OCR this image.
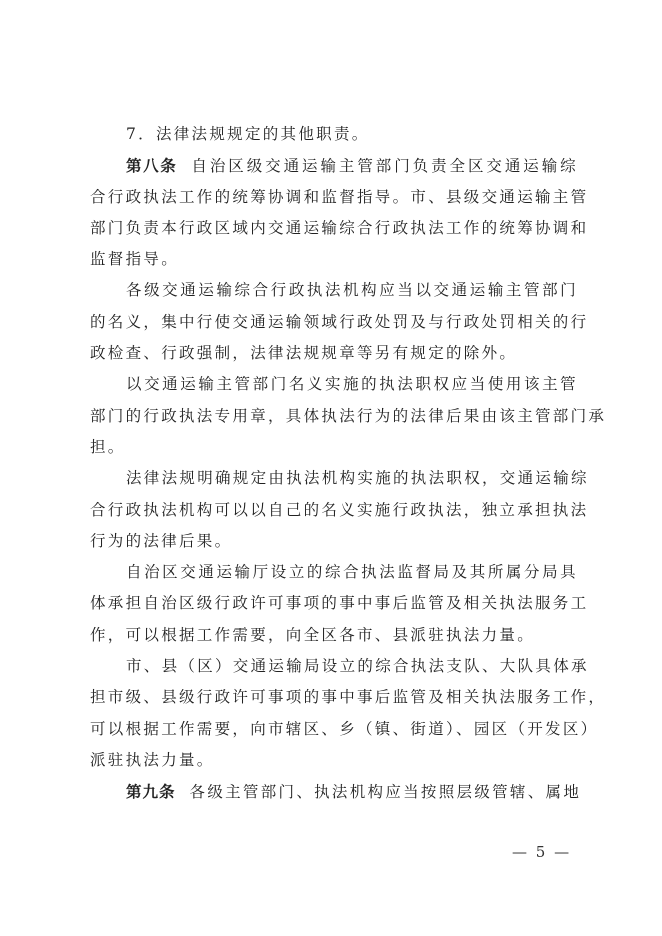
7．法律法规规定的其他职责。
第八条 自治区级交通运输主管部门负责全区交通运输综
合行政执法工作的统筹协调和监督指导。市、县级交通运输主管
部门负责本行政区域内交通运输综合行政执法工作的统筹协调和
监督指导。
各级交通运输综合行政执法机构应当以交通运输主管部门
的名义，集中行使交通运输领域行政处罚及与行政处罚相关的行
政检查、行政强制，法律法规规章等另有规定的除外。
以交通运输主管部门名义实施的执法职权应当使用该主管
部门的行政执法专用章，具体执法行为的法律后果由该主管部门承
担。
法律法规明确规定由执法机构实施的执法职权，交通运输综
合行政执法机构可以以自己的名义实施行政执法，独立承担执法
行为的法律后果。
自治区交通运输厅设立的综合执法监督局及其所属分局具
体承担自治区级行政许可事项的事中事后监管及相关执法服务工
作，可以根据工作需要，向全区各市、县派驻执法力量。
市、县（区）交通运输局设立的综合执法支队、大队具体承
担市级、县级行政许可事项的事中事后监管及相关执法服务工作，
可以根据工作需要，向市辖区、乡（镇、街道）、园区（开发区）
派驻执法力量。
第九条 各级主管部门、执法机构应当按照层级管辖、属地
— 5 —
